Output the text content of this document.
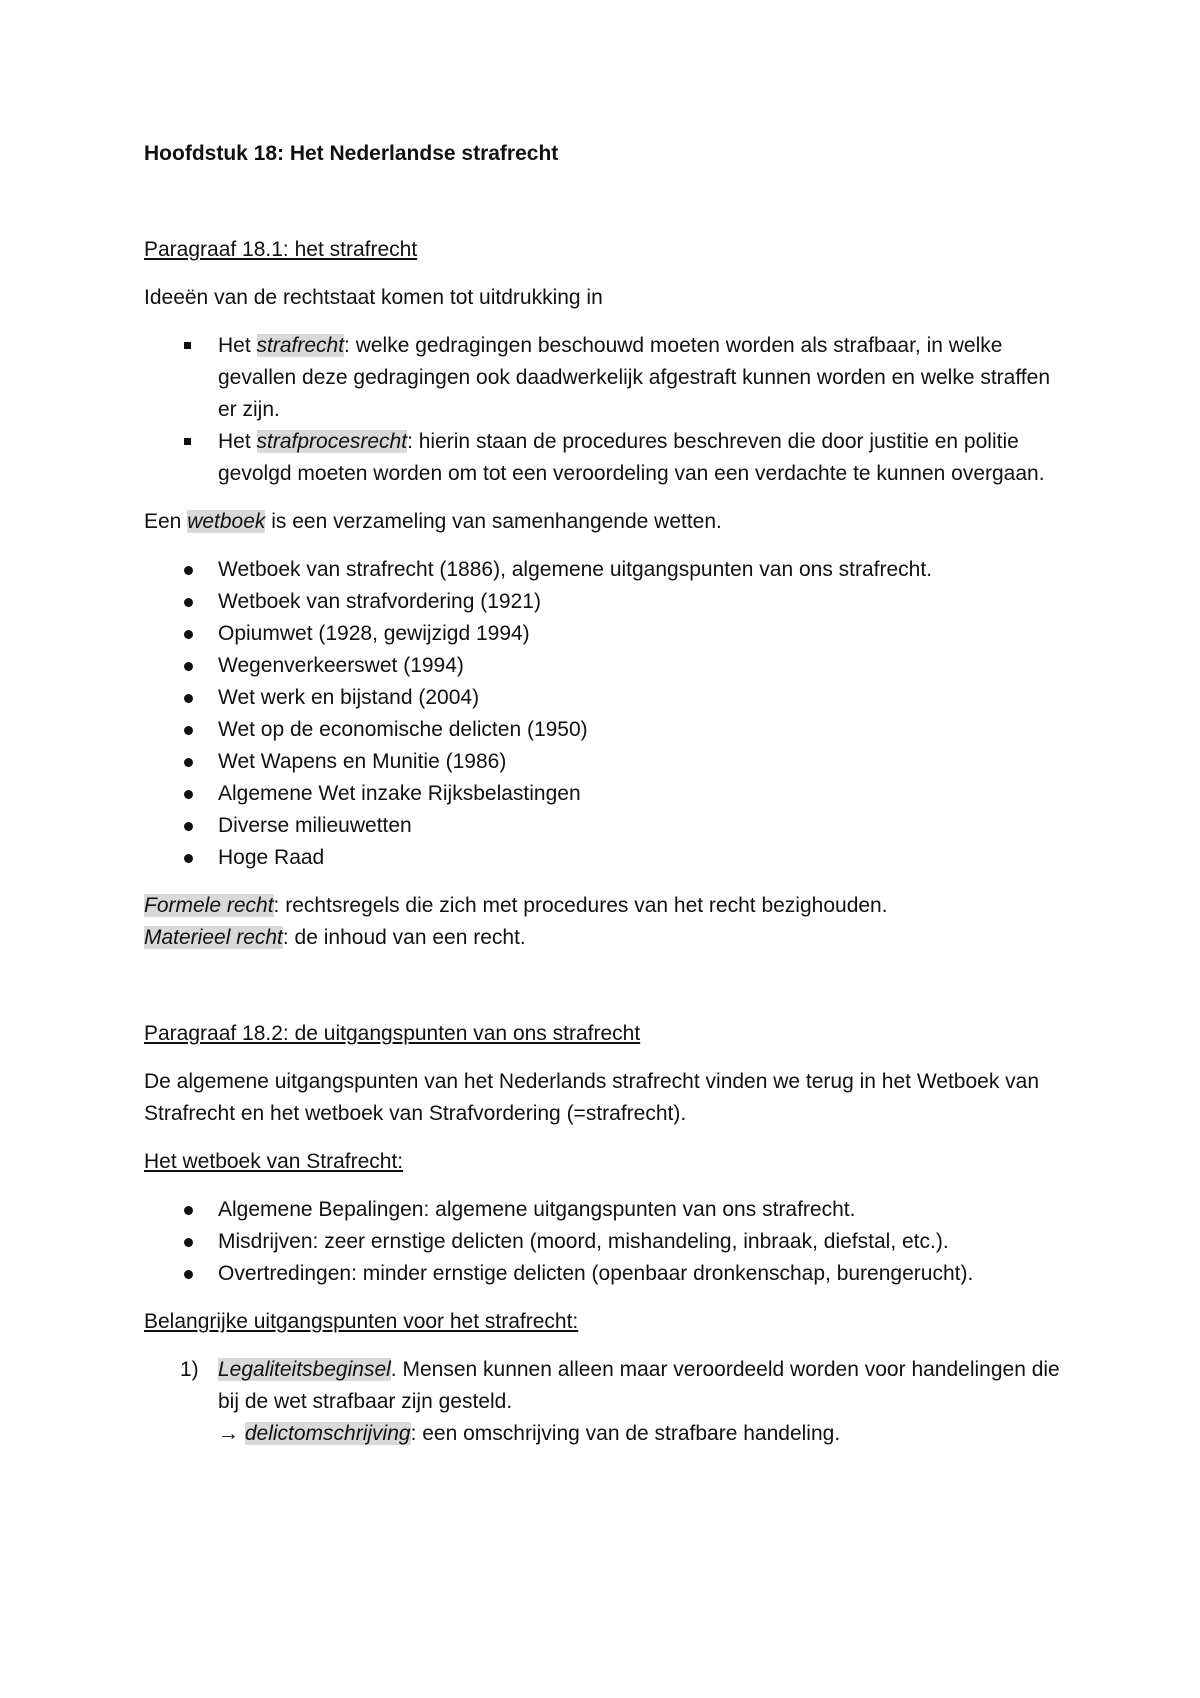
Hoofdstuk 18: Het Nederlandse strafrecht
Paragraaf 18.1: het strafrecht
Ideeën van de rechtstaat komen tot uitdrukking in
Het strafrecht: welke gedragingen beschouwd moeten worden als strafbaar, in welke gevallen deze gedragingen ook daadwerkelijk afgestraft kunnen worden en welke straffen er zijn.
Het strafprocesrecht: hierin staan de procedures beschreven die door justitie en politie gevolgd moeten worden om tot een veroordeling van een verdachte te kunnen overgaan.
Een wetboek is een verzameling van samenhangende wetten.
Wetboek van strafrecht (1886), algemene uitgangspunten van ons strafrecht.
Wetboek van strafvordering (1921)
Opiumwet (1928, gewijzigd 1994)
Wegenverkeerswet (1994)
Wet werk en bijstand (2004)
Wet op de economische delicten (1950)
Wet Wapens en Munitie (1986)
Algemene Wet inzake Rijksbelastingen
Diverse milieuwetten
Hoge Raad
Formele recht: rechtsregels die zich met procedures van het recht bezighouden.
Materieel recht: de inhoud van een recht.
Paragraaf 18.2: de uitgangspunten van ons strafrecht
De algemene uitgangspunten van het Nederlands strafrecht vinden we terug in het Wetboek van Strafrecht en het wetboek van Strafvordering (=strafrecht).
Het wetboek van Strafrecht:
Algemene Bepalingen: algemene uitgangspunten van ons strafrecht.
Misdrijven: zeer ernstige delicten (moord, mishandeling, inbraak, diefstal, etc.).
Overtredingen: minder ernstige delicten (openbaar dronkenschap, burengerucht).
Belangrijke uitgangspunten voor het strafrecht:
1) Legaliteitsbeginsel. Mensen kunnen alleen maar veroordeeld worden voor handelingen die bij de wet strafbaar zijn gesteld.
→ delictomschrijving: een omschrijving van de strafbare handeling.
